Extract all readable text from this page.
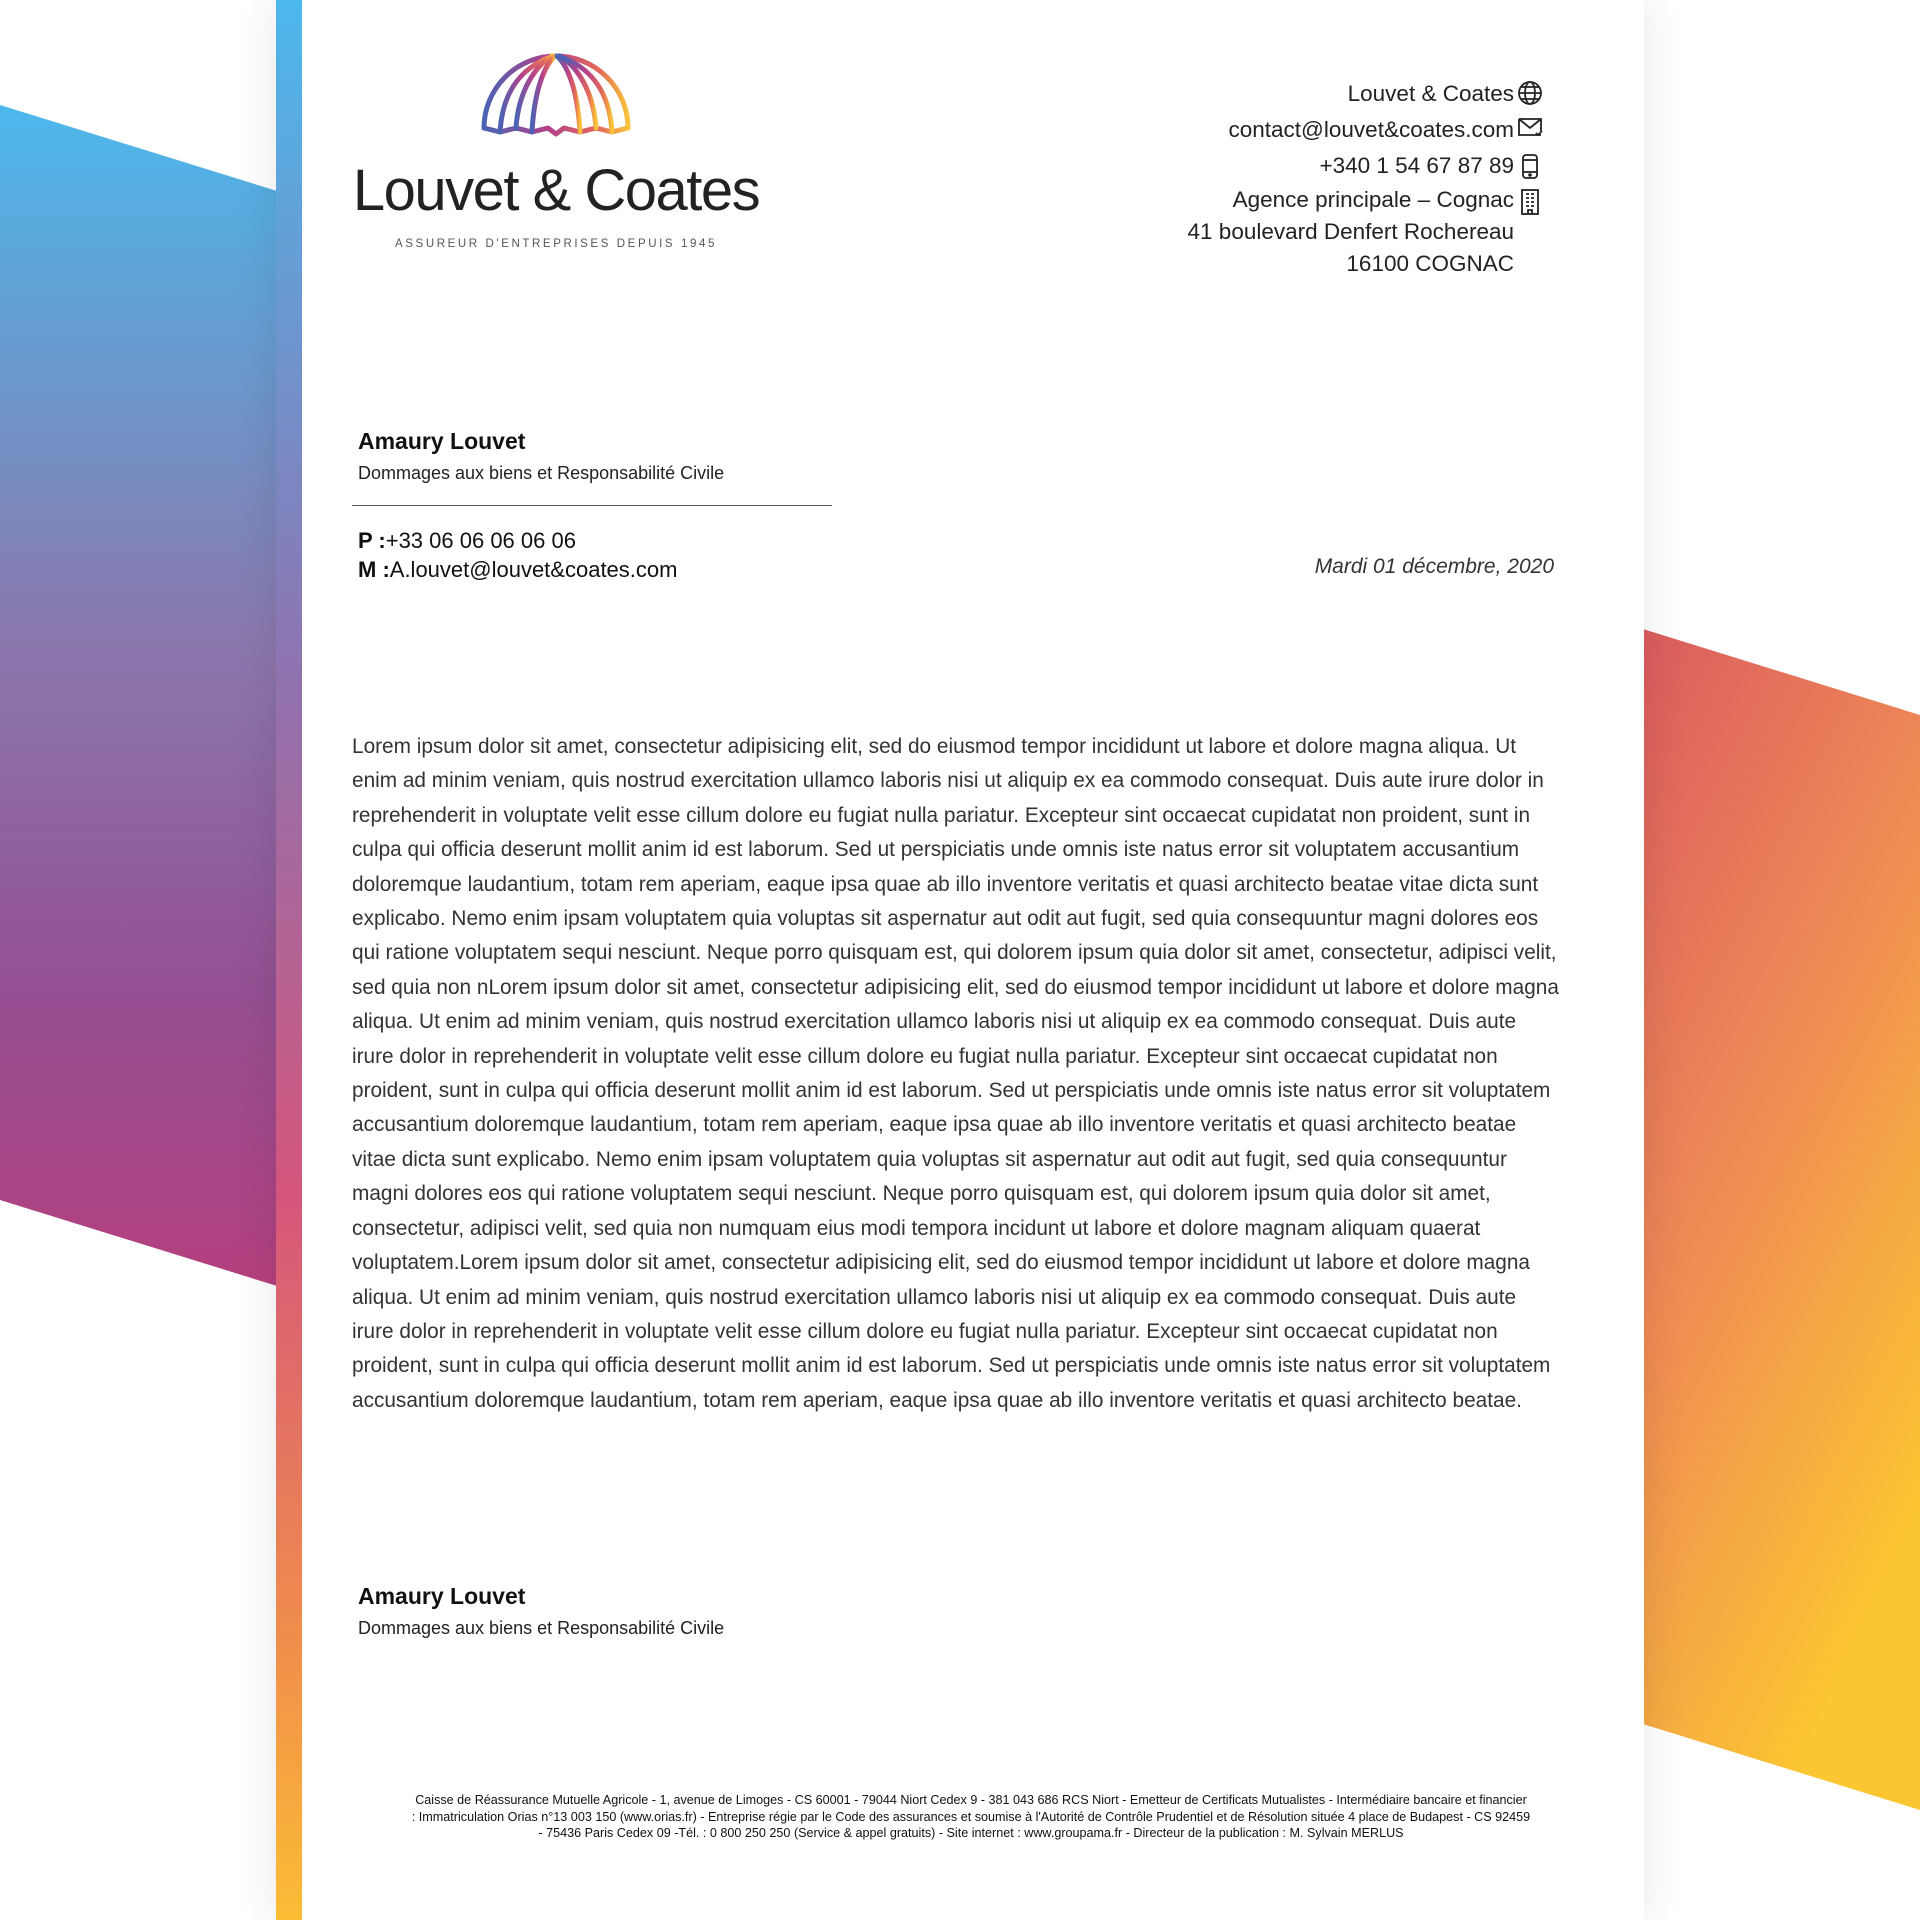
Louvet & Coates
ASSUREUR D'ENTREPRISES DEPUIS 1945
Louvet & Coates
contact@louvet&coates.com
+340 1 54 67 87 89
Agence principale – Cognac
41 boulevard Denfert Rochereau
16100 COGNAC
Amaury Louvet
Dommages aux biens et Responsabilité Civile
P :+33 06 06 06 06 06
M :A.louvet@louvet&coates.com	Mardi 01 décembre, 2020
Lorem ipsum dolor sit amet, consectetur adipisicing elit, sed do eiusmod tempor incididunt ut labore et dolore magna aliqua. Ut enim ad minim veniam, quis nostrud exercitation ullamco laboris nisi ut aliquip ex ea commodo consequat. Duis aute irure dolor in reprehenderit in voluptate velit esse cillum dolore eu fugiat nulla pariatur. Excepteur sint occaecat cupidatat non proident, sunt in culpa qui officia deserunt mollit anim id est laborum. Sed ut perspiciatis unde omnis iste natus error sit voluptatem accusantium doloremque laudantium, totam rem aperiam, eaque ipsa quae ab illo inventore veritatis et quasi architecto beatae vitae dicta sunt explicabo. Nemo enim ipsam voluptatem quia voluptas sit aspernatur aut odit aut fugit, sed quia consequuntur magni dolores eos qui ratione voluptatem sequi nesciunt. Neque porro quisquam est, qui dolorem ipsum quia dolor sit amet, consectetur, adipisci velit, sed quia non nLorem ipsum dolor sit amet, consectetur adipisicing elit, sed do eiusmod tempor incididunt ut labore et dolore magna aliqua. Ut enim ad minim veniam, quis nostrud exercitation ullamco laboris nisi ut aliquip ex ea commodo consequat. Duis aute irure dolor in reprehenderit in voluptate velit esse cillum dolore eu fugiat nulla pariatur. Excepteur sint occaecat cupidatat non proident, sunt in culpa qui officia deserunt mollit anim id est laborum. Sed ut perspiciatis unde omnis iste natus error sit voluptatem accusantium doloremque laudantium, totam rem aperiam, eaque ipsa quae ab illo inventore veritatis et quasi architecto beatae vitae dicta sunt explicabo. Nemo enim ipsam voluptatem quia voluptas sit aspernatur aut odit aut fugit, sed quia consequuntur magni dolores eos qui ratione voluptatem sequi nesciunt. Neque porro quisquam est, qui dolorem ipsum quia dolor sit amet, consectetur, adipisci velit, sed quia non numquam eius modi tempora incidunt ut labore et dolore magnam aliquam quaerat voluptatem.Lorem ipsum dolor sit amet, consectetur adipisicing elit, sed do eiusmod tempor incididunt ut labore et dolore magna aliqua. Ut enim ad minim veniam, quis nostrud exercitation ullamco laboris nisi ut aliquip ex ea commodo consequat. Duis aute irure dolor in reprehenderit in voluptate velit esse cillum dolore eu fugiat nulla pariatur. Excepteur sint occaecat cupidatat non proident, sunt in culpa qui officia deserunt mollit anim id est laborum. Sed ut perspiciatis unde omnis iste natus error sit voluptatem accusantium doloremque laudantium, totam rem aperiam, eaque ipsa quae ab illo inventore veritatis et quasi architecto beatae.
Amaury Louvet
Dommages aux biens et Responsabilité Civile
Caisse de Réassurance Mutuelle Agricole - 1, avenue de Limoges - CS 60001 - 79044 Niort Cedex 9 - 381 043 686 RCS Niort - Emetteur de Certificats Mutualistes - Intermédiaire bancaire et financier
: Immatriculation Orias n°13 003 150 (www.orias.fr) - Entreprise régie par le Code des assurances et soumise à l'Autorité de Contrôle Prudentiel et de Résolution située 4 place de Budapest - CS 92459
- 75436 Paris Cedex 09 -Tél. : 0 800 250 250 (Service & appel gratuits) - Site internet : www.groupama.fr - Directeur de la publication : M. Sylvain MERLUS
